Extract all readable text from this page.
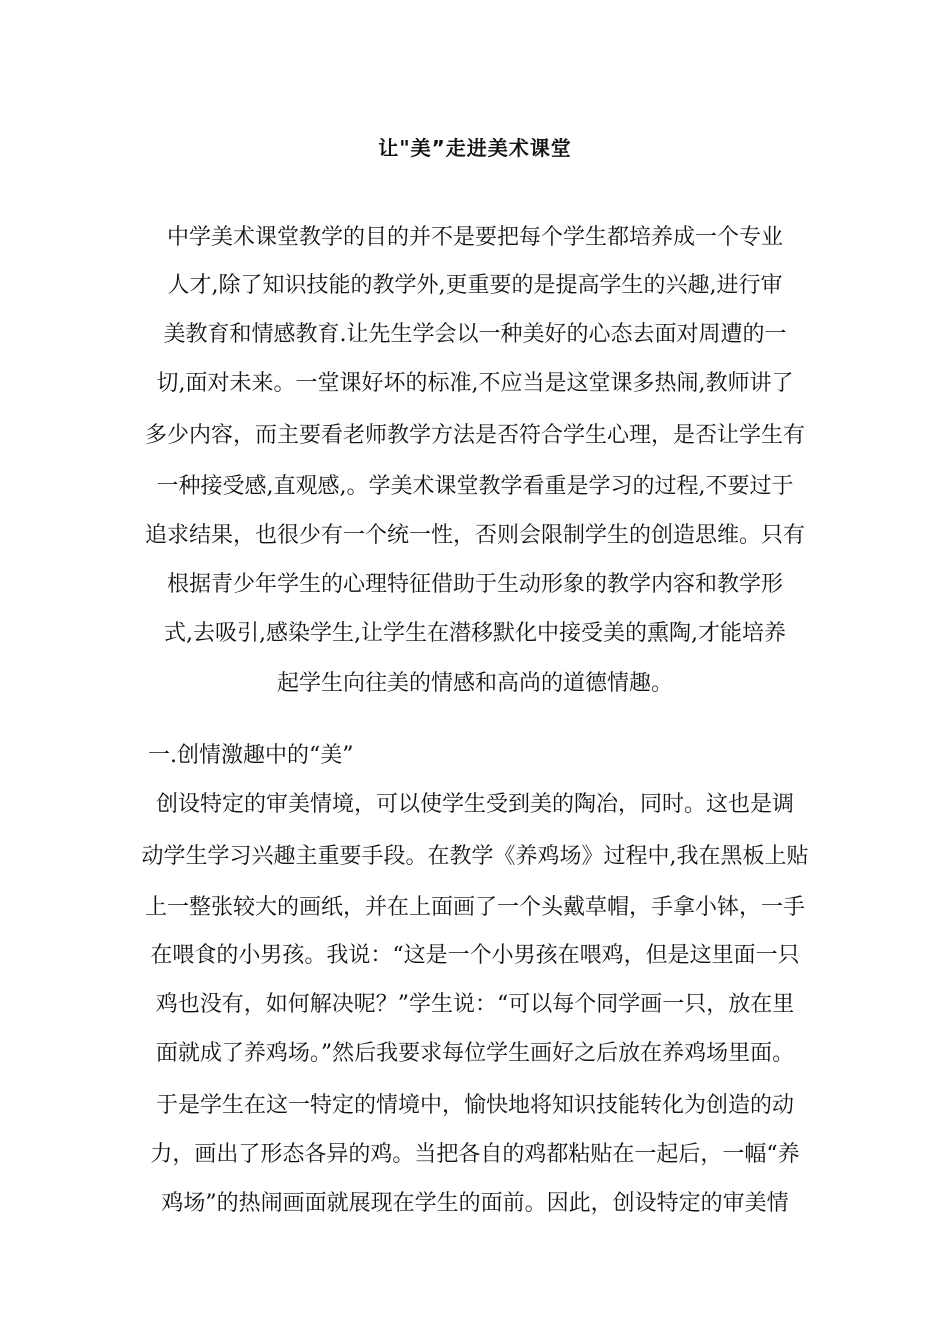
让"美”走进美术课堂
中学美术课堂教学的目的并不是要把每个学生都培养成一个专业
人才,除了知识技能的教学外,更重要的是提高学生的兴趣,进行审
美教育和情感教育.让先生学会以一种美好的心态去面对周遭的一
切,面对未来。一堂课好坏的标准,不应当是这堂课多热闹,教师讲了
多少内容，而主要看老师教学方法是否符合学生心理，是否让学生有
一种接受感,直观感,。学美术课堂教学看重是学习的过程,不要过于
追求结果，也很少有一个统一性，否则会限制学生的创造思维。只有
根据青少年学生的心理特征借助于生动形象的教学内容和教学形
式,去吸引,感染学生,让学生在潜移默化中接受美的熏陶,才能培养
起学生向往美的情感和高尚的道德情趣。
一.创情激趣中的“美”
创设特定的审美情境，可以使学生受到美的陶冶，同时。这也是调
动学生学习兴趣主重要手段。在教学《养鸡场》过程中,我在黑板上贴
上一整张较大的画纸，并在上面画了一个头戴草帽，手拿小钵，一手
在喂食的小男孩。我说：“这是一个小男孩在喂鸡，但是这里面一只
鸡也没有，如何解决呢？”学生说：“可以每个同学画一只，放在里
面就成了养鸡场。”然后我要求每位学生画好之后放在养鸡场里面。
于是学生在这一特定的情境中，愉快地将知识技能转化为创造的动
力，画出了形态各异的鸡。当把各自的鸡都粘贴在一起后，一幅“养
鸡场”的热闹画面就展现在学生的面前。因此，创设特定的审美情
